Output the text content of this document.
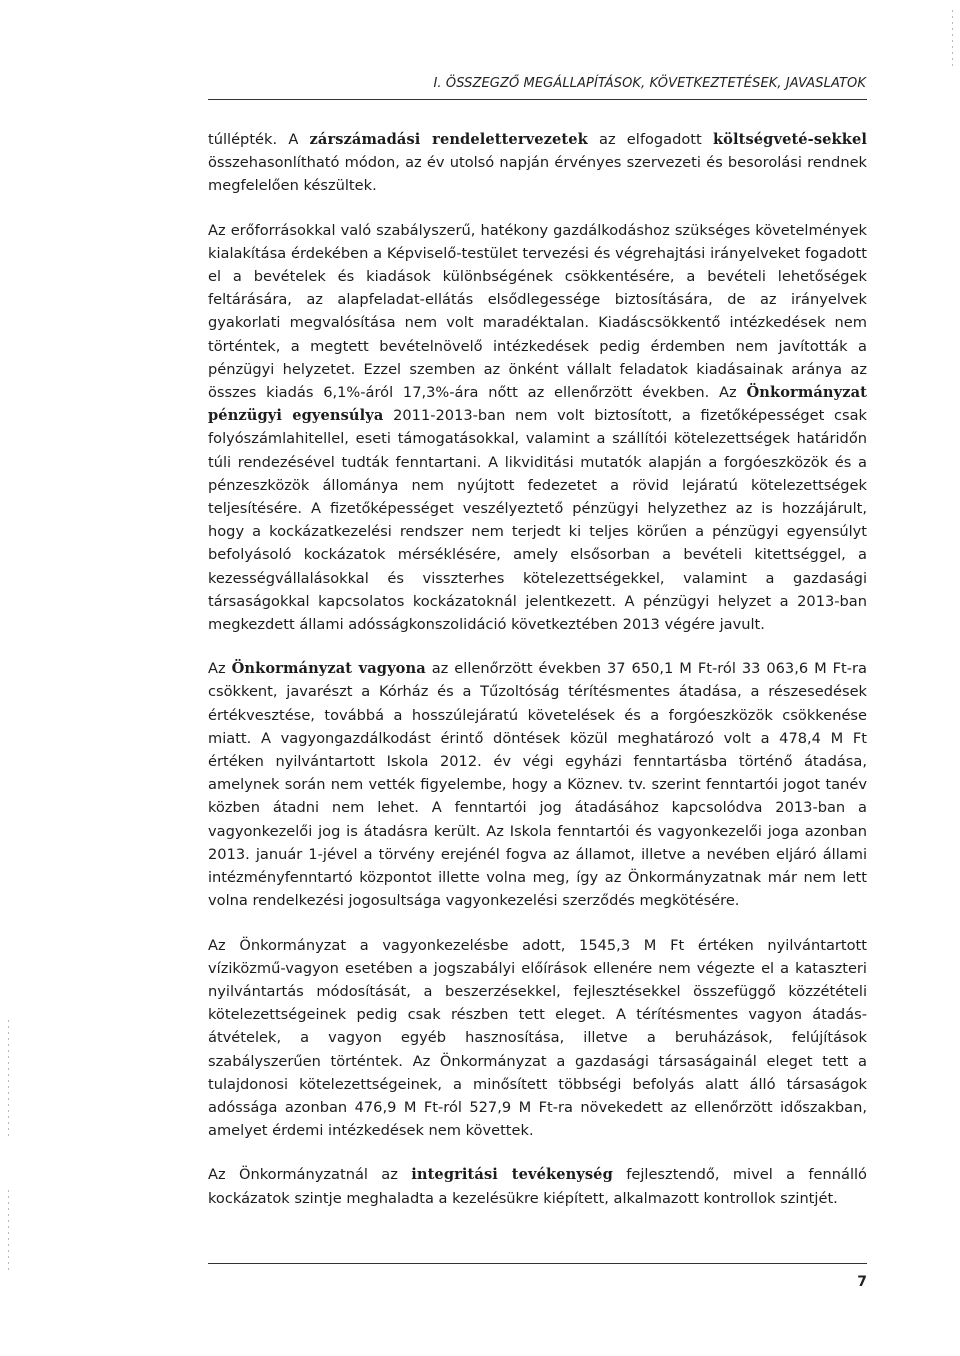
I. ÖSSZEGZŐ MEGÁLLAPÍTÁSOK, KÖVETKEZTETÉSEK, JAVASLATOK

túllépték. A zárszámadási rendelettervezetek az elfogadott költségveté-sekkel összehasonlítható módon, az év utolsó napján érvényes szervezeti és besorolási rendnek megfelelően készültek.

Az erőforrásokkal való szabályszerű, hatékony gazdálkodáshoz szükséges követelmények kialakítása érdekében a Képviselő-testület tervezési és végrehajtási irányelveket fogadott el a bevételek és kiadások különbségének csökkentésére, a bevételi lehetőségek feltárására, az alapfeladat-ellátás elsődlegessége biztosítására, de az irányelvek gyakorlati megvalósítása nem volt maradéktalan. Kiadáscsökkentő intézkedések nem történtek, a megtett bevételnövelő intézkedések pedig érdemben nem javították a pénzügyi helyzetet. Ezzel szemben az önként vállalt feladatok kiadásainak aránya az összes kiadás 6,1%-áról 17,3%-ára nőtt az ellenőrzött években. Az Önkormányzat pénzügyi egyensúlya 2011-2013-ban nem volt biztosított, a fizetőképességet csak folyószámlahitellel, eseti támogatásokkal, valamint a szállítói kötelezettségek határidőn túli rendezésével tudták fenntartani. A likviditási mutatók alapján a forgóeszközök és a pénzeszközök állománya nem nyújtott fedezetet a rövid lejáratú kötelezettségek teljesítésére. A fizetőképességet veszélyeztető pénzügyi helyzethez az is hozzájárult, hogy a kockázatkezelési rendszer nem terjedt ki teljes körűen a pénzügyi egyensúlyt befolyásoló kockázatok mérséklésére, amely elsősorban a bevételi kitettséggel, a kezességvállalásokkal és visszterhes kötelezettségekkel, valamint a gazdasági társaságokkal kapcsolatos kockázatoknál jelentkezett. A pénzügyi helyzet a 2013-ban megkezdett állami adósságkonszolidáció következtében 2013 végére javult.

Az Önkormányzat vagyona az ellenőrzött években 37 650,1 M Ft-ról 33 063,6 M Ft-ra csökkent, javarészt a Kórház és a Tűzoltóság térítésmentes átadása, a részesedések értékvesztése, továbbá a hosszúlejáratú követelések és a forgóeszközök csökkenése miatt. A vagyongazdálkodást érintő döntések közül meghatározó volt a 478,4 M Ft értéken nyilvántartott Iskola 2012. év végi egyházi fenntartásba történő átadása, amelynek során nem vették figyelembe, hogy a Köznev. tv. szerint fenntartói jogot tanév közben átadni nem lehet. A fenntartói jog átadásához kapcsolódva 2013-ban a vagyonkezelői jog is átadásra került. Az Iskola fenntartói és vagyonkezelői joga azonban 2013. január 1-jével a törvény erejénél fogva az államot, illetve a nevében eljáró állami intézményfenntartó központot illette volna meg, így az Önkormányzatnak már nem lett volna rendelkezési jogosultsága vagyonkezelési szerződés megkötésére.

Az Önkormányzat a vagyonkezelésbe adott, 1545,3 M Ft értéken nyilvántartott víziközmű-vagyon esetében a jogszabályi előírások ellenére nem végezte el a kataszteri nyilvántartás módosítását, a beszerzésekkel, fejlesztésekkel összefüggő közzétételi kötelezettségeinek pedig csak részben tett eleget. A térítésmentes vagyon átadás-átvételek, a vagyon egyéb hasznosítása, illetve a beruházások, felújítások szabályszerűen történtek. Az Önkormányzat a gazdasági társaságainál eleget tett a tulajdonosi kötelezettségeinek, a minősített többségi befolyás alatt álló társaságok adóssága azonban 476,9 M Ft-ról 527,9 M Ft-ra növekedett az ellenőrzött időszakban, amelyet érdemi intézkedések nem követtek.

Az Önkormányzatnál az integritási tevékenység fejlesztendő, mivel a fennálló kockázatok szintje meghaladta a kezelésükre kiépített, alkalmazott kontrollok szintjét.

7
